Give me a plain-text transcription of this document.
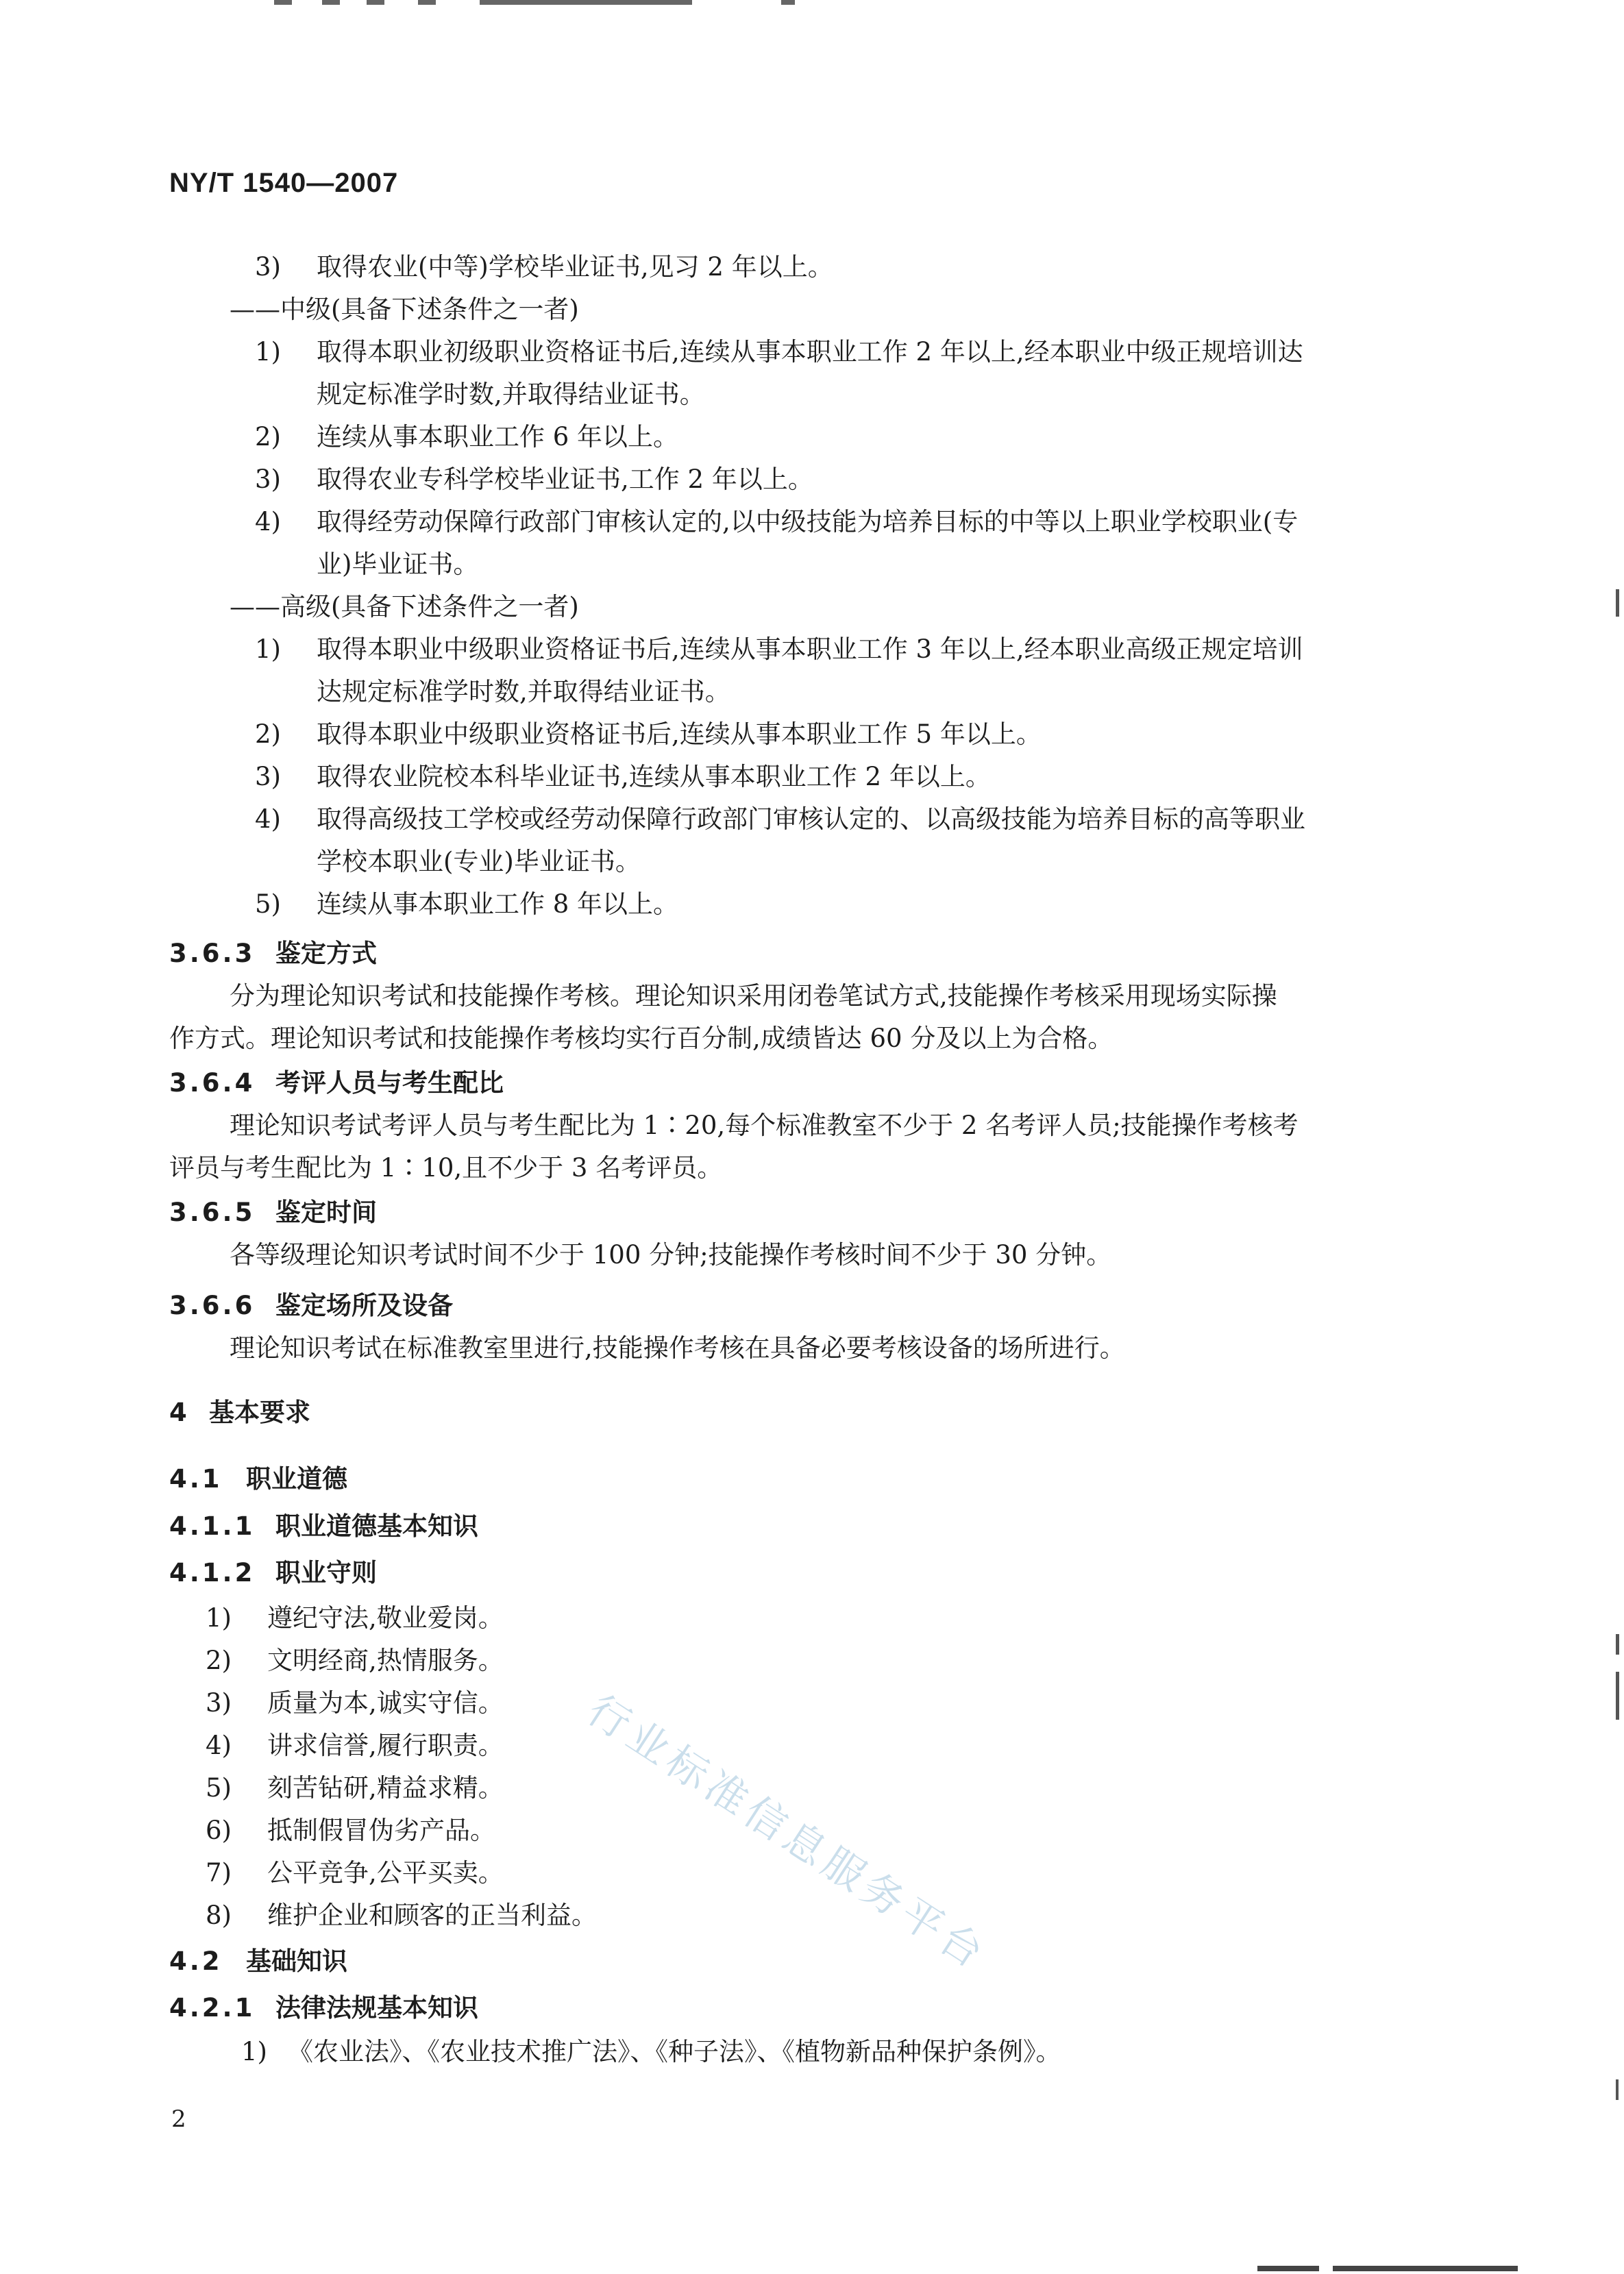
NY/T 1540—2007
3) 取得农业(中等)学校毕业证书,见习 2 年以上。
——中级(具备下述条件之一者)
1) 取得本职业初级职业资格证书后,连续从事本职业工作 2 年以上,经本职业中级正规培训达
规定标准学时数,并取得结业证书。
2) 连续从事本职业工作 6 年以上。
3) 取得农业专科学校毕业证书,工作 2 年以上。
4) 取得经劳动保障行政部门审核认定的,以中级技能为培养目标的中等以上职业学校职业(专
业)毕业证书。
——高级(具备下述条件之一者)
1) 取得本职业中级职业资格证书后,连续从事本职业工作 3 年以上,经本职业高级正规定培训
达规定标准学时数,并取得结业证书。
2) 取得本职业中级职业资格证书后,连续从事本职业工作 5 年以上。
3) 取得农业院校本科毕业证书,连续从事本职业工作 2 年以上。
4) 取得高级技工学校或经劳动保障行政部门审核认定的、以高级技能为培养目标的高等职业
学校本职业(专业)毕业证书。
5) 连续从事本职业工作 8 年以上。
3.6.3 鉴定方式
分为理论知识考试和技能操作考核。理论知识采用闭卷笔试方式,技能操作考核采用现场实际操
作方式。理论知识考试和技能操作考核均实行百分制,成绩皆达 60 分及以上为合格。
3.6.4 考评人员与考生配比
理论知识考试考评人员与考生配比为 1∶20,每个标准教室不少于 2 名考评人员;技能操作考核考
评员与考生配比为 1∶10,且不少于 3 名考评员。
3.6.5 鉴定时间
各等级理论知识考试时间不少于 100 分钟;技能操作考核时间不少于 30 分钟。
3.6.6 鉴定场所及设备
理论知识考试在标准教室里进行,技能操作考核在具备必要考核设备的场所进行。
4 基本要求
4.1 职业道德
4.1.1 职业道德基本知识
4.1.2 职业守则
1) 遵纪守法,敬业爱岗。
2) 文明经商,热情服务。
3) 质量为本,诚实守信。
4) 讲求信誉,履行职责。
5) 刻苦钻研,精益求精。
6) 抵制假冒伪劣产品。
7) 公平竞争,公平买卖。
8) 维护企业和顾客的正当利益。
4.2 基础知识
4.2.1 法律法规基本知识
1) 《农业法》、《农业技术推广法》、《种子法》、《植物新品种保护条例》。
行业标准信息服务平台
2
